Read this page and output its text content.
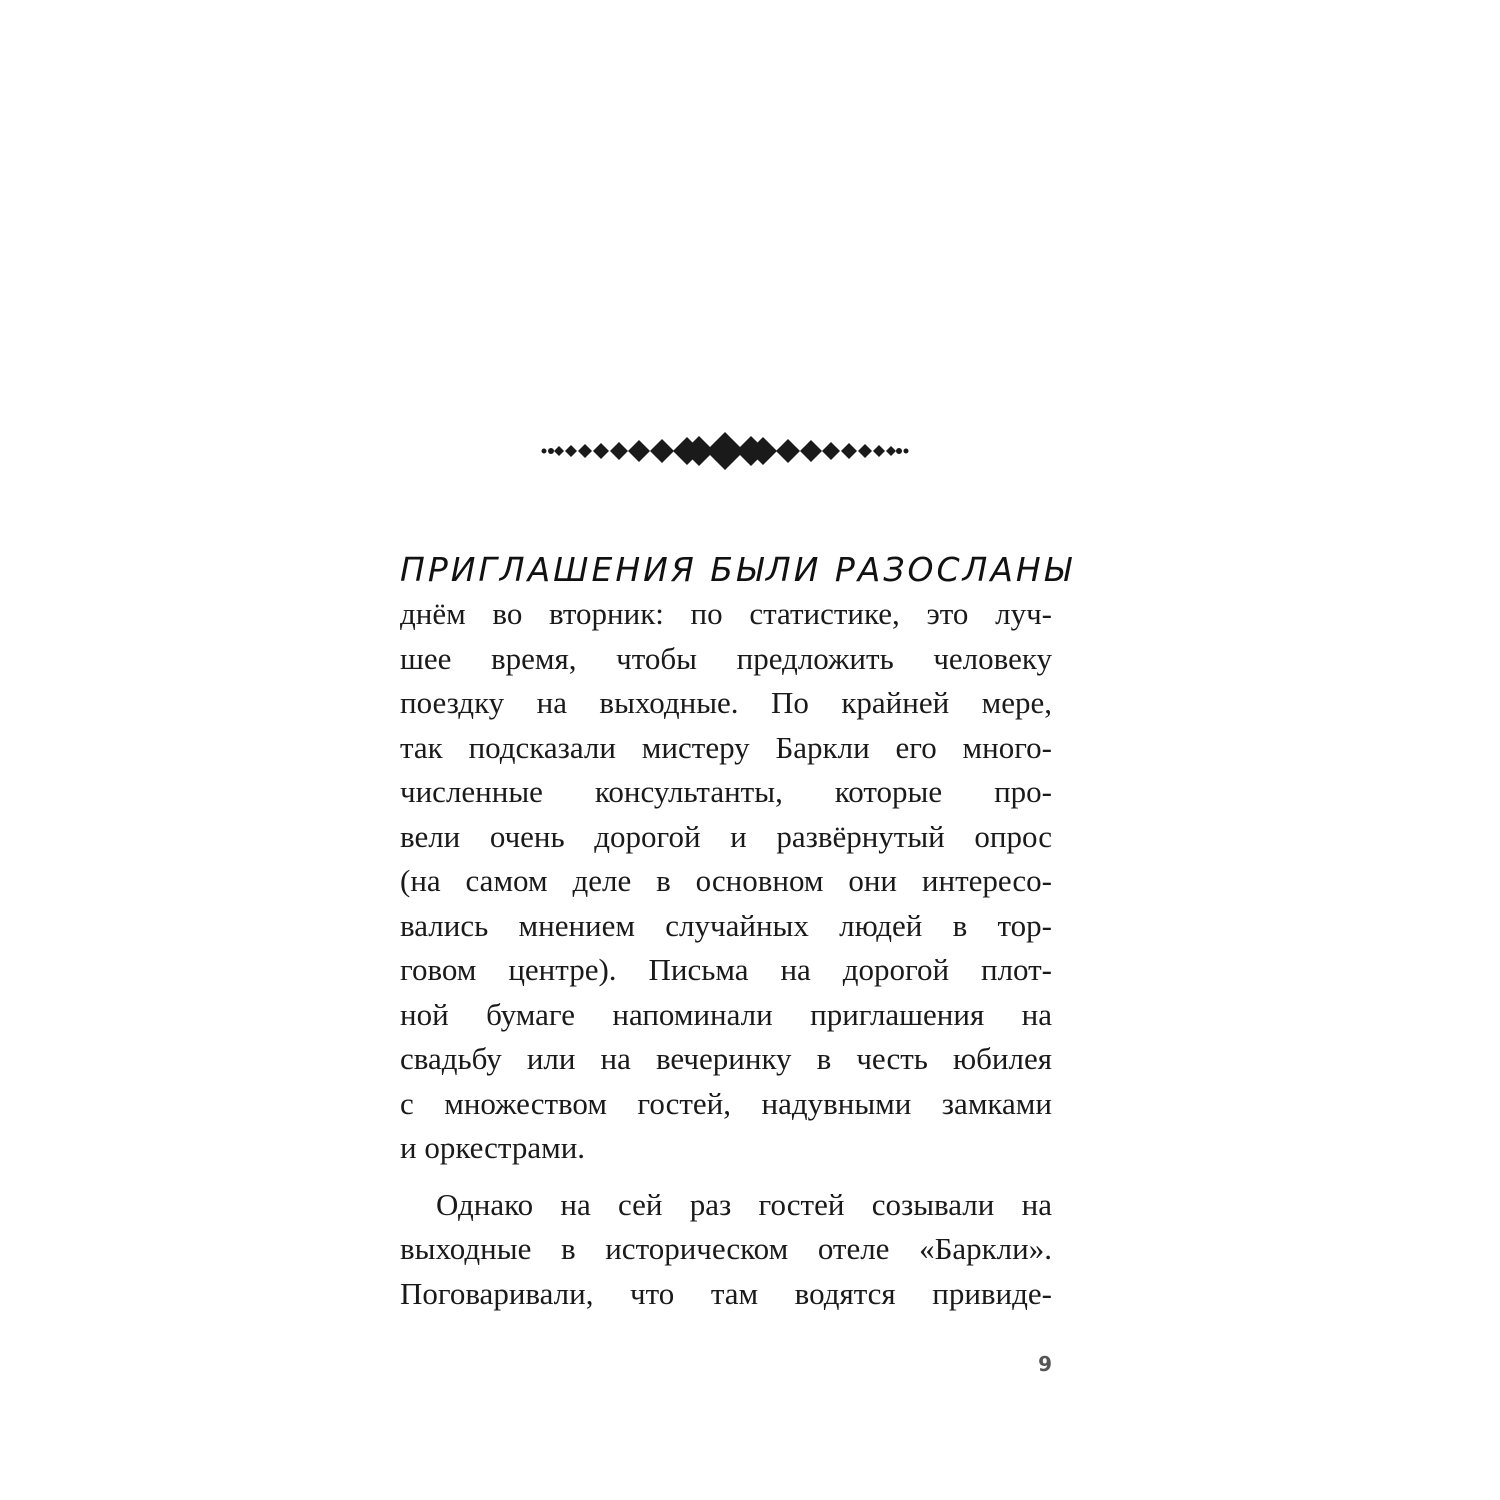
ПРИГЛАШЕНИЯ БЫЛИ РАЗОСЛАНЫ
днём во вторник: по статистике, это луч-
шее время, чтобы предложить человеку
поездку на выходные. По крайней мере,
так подсказали мистеру Баркли его много-
численные консультанты, которые про-
вели очень дорогой и развёрнутый опрос
(на самом деле в основном они интересо-
вались мнением случайных людей в тор-
говом центре). Письма на дорогой плот-
ной бумаге напоминали приглашения на
свадьбу или на вечеринку в честь юбилея
с множеством гостей, надувными замками
и оркестрами.
Однако на сей раз гостей созывали на
выходные в историческом отеле «Баркли».
Поговаривали, что там водятся привиде-
9
